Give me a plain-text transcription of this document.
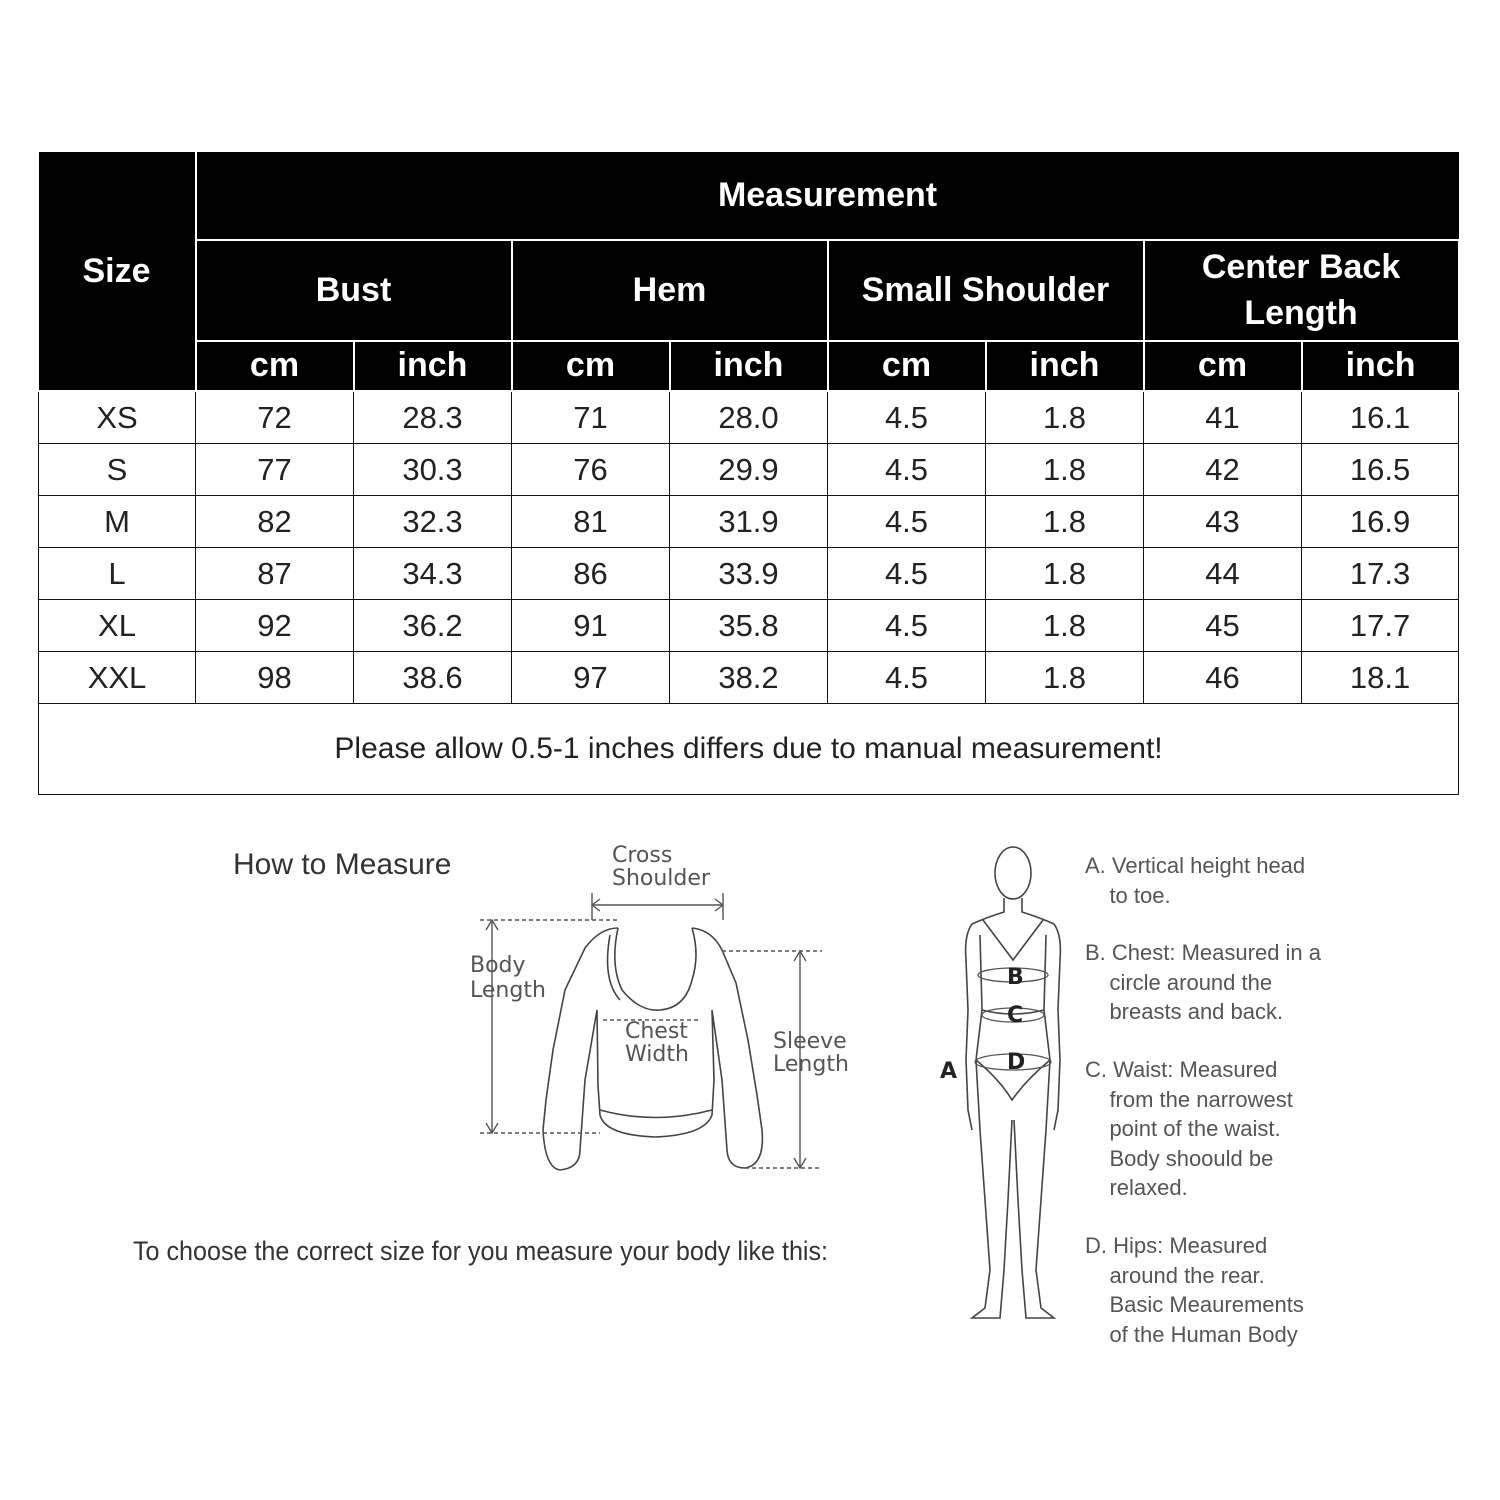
Size	Measurement							
	Bust		Hem		Small Shoulder		Center Back Length	

	cm	inch	cm	inch	cm	inch	cm	inch
XS	72	28.3	71	28.0	4.5	1.8	41	16.1
S	77	30.3	76	29.9	4.5	1.8	42	16.5
M	82	32.3	81	31.9	4.5	1.8	43	16.9
L	87	34.3	86	33.9	4.5	1.8	44	17.3
XL	92	36.2	91	35.8	4.5	1.8	45	17.7
XXL	98	38.6	97	38.2	4.5	1.8	46	18.1
Please allow 0.5-1 inches differs due to manual measurement!								
How to Measure	Cross
Shoulder
Body
Length
Chest
Width
Sleeve
Length
To choose the correct size for you measure your body like this:
A
B
C
D
A. Vertical height head
to toe.
B. Chest: Measured in a
circle around the
breasts and back.
C. Waist: Measured
from the narrowest
point of the waist.
Body shoould be
relaxed.
D. Hips: Measured
around the rear.
Basic Meaurements
of the Human Body
